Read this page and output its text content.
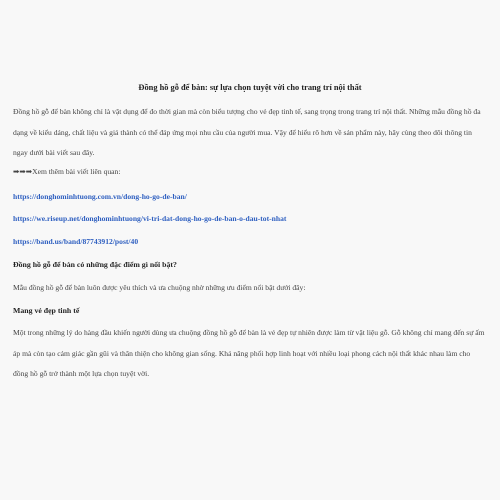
Đồng hồ gỗ để bàn: sự lựa chọn tuyệt vời cho trang trí nội thất

Đồng hồ gỗ để bàn không chỉ là vật dụng để đo thời gian mà còn biểu tượng cho vẻ đẹp tinh tế, sang trọng trong trang trí nội thất. Những mẫu đồng hồ đa dạng về kiểu dáng, chất liệu và giá thành có thể đáp ứng mọi nhu cầu của người mua. Vậy để hiểu rõ hơn về sản phẩm này, hãy cùng theo dõi thông tin ngay dưới bài viết sau đây.

➡➡➡Xem thêm bài viết liên quan:

https://donghominhtuong.com.vn/dong-ho-go-de-ban/
https://we.riseup.net/donghominhtuong/vi-tri-dat-dong-ho-go-de-ban-o-dau-tot-nhat
https://band.us/band/87743912/post/40
Đồng hồ gỗ để bàn có những đặc điểm gì nổi bật?

Mẫu đồng hồ gỗ để bàn luôn được yêu thích và ưa chuộng nhờ những ưu điểm nổi bật dưới đây:

Mang vẻ đẹp tinh tế

Một trong những lý do hàng đầu khiến người dùng ưa chuộng đồng hồ gỗ để bàn là vẻ đẹp tự nhiên được làm từ vật liệu gỗ. Gỗ không chỉ mang đến sự ấm áp mà còn tạo cảm giác gần gũi và thân thiện cho không gian sống. Khả năng phối hợp linh hoạt với nhiều loại phong cách nội thất khác nhau làm cho đồng hồ gỗ trở thành một lựa chọn tuyệt vời.
